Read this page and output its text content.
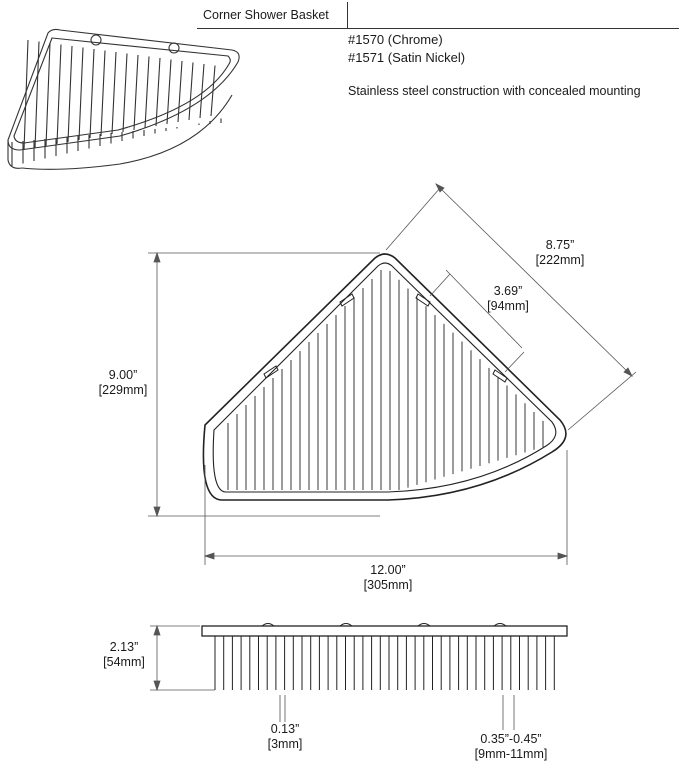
Corner Shower Basket
#1570 (Chrome)
#1571 (Satin Nickel)
Stainless steel construction with concealed mounting
8.75”
[222mm]
3.69”
[94mm]
9.00”
[229mm]
12.00”
[305mm]
2.13”
[54mm]
0.13”
[3mm]	0.35”-0.45”
[9mm-11mm]
